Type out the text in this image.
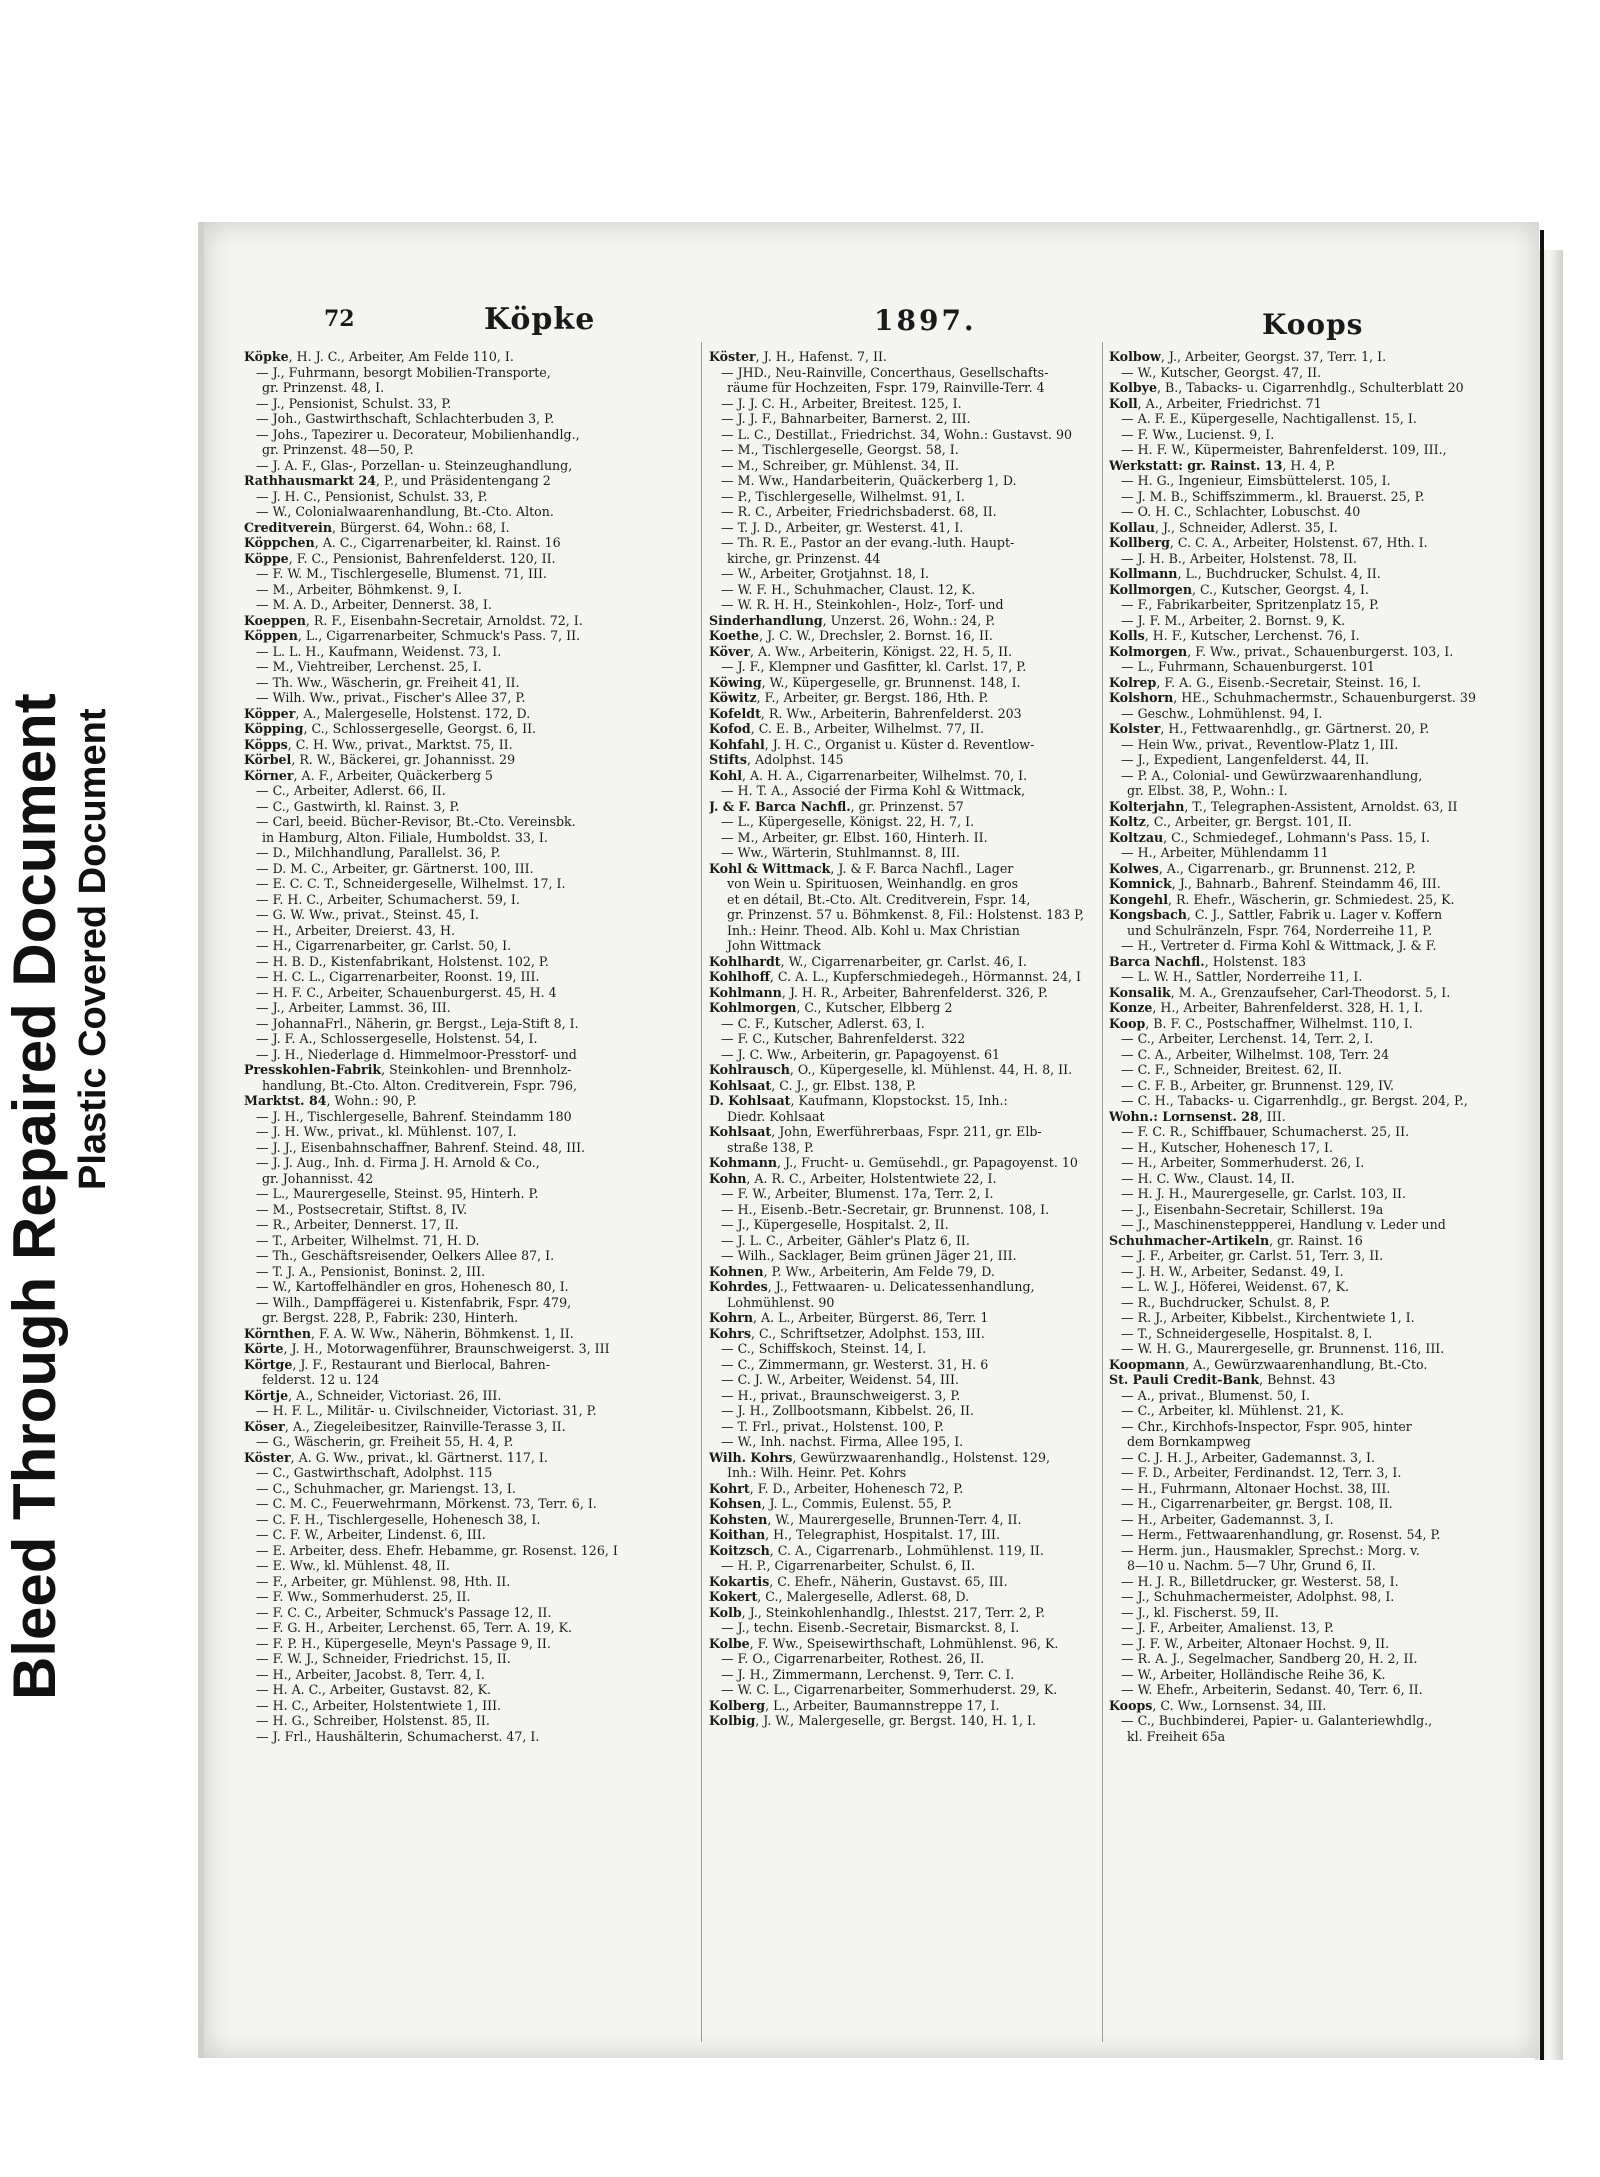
Bleed Through Repaired Document Plastic Covered Document
72	Köpke	1897.	Koops
Köpke, H. J. C., Arbeiter, Am Felde 110, I.
— J., Fuhrmann, besorgt Mobilien-Transporte,
gr. Prinzenst. 48, I.
— J., Pensionist, Schulst. 33, P.
— Joh., Gastwirthschaft, Schlachterbuden 3, P.
— Johs., Tapezirer u. Decorateur, Mobilienhandlg.,
gr. Prinzenst. 48—50, P.
— J. A. F., Glas-, Porzellan- u. Steinzeughandlung,
Rathhausmarkt 24, P., und Präsidentengang 2
— J. H. C., Pensionist, Schulst. 33, P.
— W., Colonialwaarenhandlung, Bt.-Cto. Alton.
Creditverein, Bürgerst. 64, Wohn.: 68, I.
Köppchen, A. C., Cigarrenarbeiter, kl. Rainst. 16
Köppe, F. C., Pensionist, Bahrenfelderst. 120, II.
— F. W. M., Tischlergeselle, Blumenst. 71, III.
— M., Arbeiter, Böhmkenst. 9, I.
— M. A. D., Arbeiter, Dennerst. 38, I.
Koeppen, R. F., Eisenbahn-Secretair, Arnoldst. 72, I.
Köppen, L., Cigarrenarbeiter, Schmuck's Pass. 7, II.
— L. L. H., Kaufmann, Weidenst. 73, I.
— M., Viehtreiber, Lerchenst. 25, I.
— Th. Ww., Wäscherin, gr. Freiheit 41, II.
— Wilh. Ww., privat., Fischer's Allee 37, P.
Köpper, A., Malergeselle, Holstenst. 172, D.
Köpping, C., Schlossergeselle, Georgst. 6, II.
Köpps, C. H. Ww., privat., Marktst. 75, II.
Körbel, R. W., Bäckerei, gr. Johannisst. 29
Körner, A. F., Arbeiter, Quäckerberg 5
— C., Arbeiter, Adlerst. 66, II.
— C., Gastwirth, kl. Rainst. 3, P.
— Carl, beeid. Bücher-Revisor, Bt.-Cto. Vereinsbk.
in Hamburg, Alton. Filiale, Humboldst. 33, I.
— D., Milchhandlung, Parallelst. 36, P.
— D. M. C., Arbeiter, gr. Gärtnerst. 100, III.
— E. C. C. T., Schneidergeselle, Wilhelmst. 17, I.
— F. H. C., Arbeiter, Schumacherst. 59, I.
— G. W. Ww., privat., Steinst. 45, I.
— H., Arbeiter, Dreierst. 43, H.
— H., Cigarrenarbeiter, gr. Carlst. 50, I.
— H. B. D., Kistenfabrikant, Holstenst. 102, P.
— H. C. L., Cigarrenarbeiter, Roonst. 19, III.
— H. F. C., Arbeiter, Schauenburgerst. 45, H. 4
— J., Arbeiter, Lammst. 36, III.
— JohannaFrl., Näherin, gr. Bergst., Leja-Stift 8, I.
— J. F. A., Schlossergeselle, Holstenst. 54, I.
— J. H., Niederlage d. Himmelmoor-Presstorf- und
Presskohlen-Fabrik, Steinkohlen- und Brennholz-
handlung, Bt.-Cto. Alton. Creditverein, Fspr. 796,
Marktst. 84, Wohn.: 90, P.
— J. H., Tischlergeselle, Bahrenf. Steindamm 180
— J. H. Ww., privat., kl. Mühlenst. 107, I.
— J. J., Eisenbahnschaffner, Bahrenf. Steind. 48, III.
— J. J. Aug., Inh. d. Firma J. H. Arnold & Co.,
gr. Johannisst. 42
— L., Maurergeselle, Steinst. 95, Hinterh. P.
— M., Postsecretair, Stiftst. 8, IV.
— R., Arbeiter, Dennerst. 17, II.
— T., Arbeiter, Wilhelmst. 71, H. D.
— Th., Geschäftsreisender, Oelkers Allee 87, I.
— T. J. A., Pensionist, Boninst. 2, III.
— W., Kartoffelhändler en gros, Hohenesch 80, I.
— Wilh., Dampffägerei u. Kistenfabrik, Fspr. 479,
gr. Bergst. 228, P., Fabrik: 230, Hinterh.
Körnthen, F. A. W. Ww., Näherin, Böhmkenst. 1, II.
Körte, J. H., Motorwagenführer, Braunschweigerst. 3, III
Körtge, J. F., Restaurant und Bierlocal, Bahren-
felderst. 12 u. 124
Körtje, A., Schneider, Victoriast. 26, III.
— H. F. L., Militär- u. Civilschneider, Victoriast. 31, P.
Köser, A., Ziegeleibesitzer, Rainville-Terasse 3, II.
— G., Wäscherin, gr. Freiheit 55, H. 4, P.
Köster, A. G. Ww., privat., kl. Gärtnerst. 117, I.
— C., Gastwirthschaft, Adolphst. 115
— C., Schuhmacher, gr. Mariengst. 13, I.
— C. M. C., Feuerwehrmann, Mörkenst. 73, Terr. 6, I.
— C. F. H., Tischlergeselle, Hohenesch 38, I.
— C. F. W., Arbeiter, Lindenst. 6, III.
— E. Arbeiter, dess. Ehefr. Hebamme, gr. Rosenst. 126, I
— E. Ww., kl. Mühlenst. 48, II.
— F., Arbeiter, gr. Mühlenst. 98, Hth. II.
— F. Ww., Sommerhuderst. 25, II.
— F. C. C., Arbeiter, Schmuck's Passage 12, II.
— F. G. H., Arbeiter, Lerchenst. 65, Terr. A. 19, K.
— F. P. H., Küpergeselle, Meyn's Passage 9, II.
— F. W. J., Schneider, Friedrichst. 15, II.
— H., Arbeiter, Jacobst. 8, Terr. 4, I.
— H. A. C., Arbeiter, Gustavst. 82, K.
— H. C., Arbeiter, Holstentwiete 1, III.
— H. G., Schreiber, Holstenst. 85, II.
— J. Frl., Haushälterin, Schumacherst. 47, I.
Köster, J. H., Hafenst. 7, II.
— JHD., Neu-Rainville, Concerthaus, Gesellschafts-
räume für Hochzeiten, Fspr. 179, Rainville-Terr. 4
— J. J. C. H., Arbeiter, Breitest. 125, I.
— J. J. F., Bahnarbeiter, Barnerst. 2, III.
— L. C., Destillat., Friedrichst. 34, Wohn.: Gustavst. 90
— M., Tischlergeselle, Georgst. 58, I.
— M., Schreiber, gr. Mühlenst. 34, II.
— M. Ww., Handarbeiterin, Quäckerberg 1, D.
— P., Tischlergeselle, Wilhelmst. 91, I.
— R. C., Arbeiter, Friedrichsbaderst. 68, II.
— T. J. D., Arbeiter, gr. Westerst. 41, I.
— Th. R. E., Pastor an der evang.-luth. Haupt-
kirche, gr. Prinzenst. 44
— W., Arbeiter, Grotjahnst. 18, I.
— W. F. H., Schuhmacher, Claust. 12, K.
— W. R. H. H., Steinkohlen-, Holz-, Torf- und
Sinderhandlung, Unzerst. 26, Wohn.: 24, P.
Koethe, J. C. W., Drechsler, 2. Bornst. 16, II.
Köver, A. Ww., Arbeiterin, Königst. 22, H. 5, II.
— J. F., Klempner und Gasfitter, kl. Carlst. 17, P.
Köwing, W., Küpergeselle, gr. Brunnenst. 148, I.
Köwitz, F., Arbeiter, gr. Bergst. 186, Hth. P.
Kofeldt, R. Ww., Arbeiterin, Bahrenfelderst. 203
Kofod, C. E. B., Arbeiter, Wilhelmst. 77, II.
Kohfahl, J. H. C., Organist u. Küster d. Reventlow-
Stifts, Adolphst. 145
Kohl, A. H. A., Cigarrenarbeiter, Wilhelmst. 70, I.
— H. T. A., Associé der Firma Kohl & Wittmack,
J. & F. Barca Nachfl., gr. Prinzenst. 57
— L., Küpergeselle, Königst. 22, H. 7, I.
— M., Arbeiter, gr. Elbst. 160, Hinterh. II.
— Ww., Wärterin, Stuhlmannst. 8, III.
Kohl & Wittmack, J. & F. Barca Nachfl., Lager
von Wein u. Spirituosen, Weinhandlg. en gros
et en détail, Bt.-Cto. Alt. Creditverein, Fspr. 14,
gr. Prinzenst. 57 u. Böhmkenst. 8, Fil.: Holstenst. 183 P,
Inh.: Heinr. Theod. Alb. Kohl u. Max Christian
John Wittmack
Kohlhardt, W., Cigarrenarbeiter, gr. Carlst. 46, I.
Kohlhoff, C. A. L., Kupferschmiedegeh., Hörmannst. 24, I
Kohlmann, J. H. R., Arbeiter, Bahrenfelderst. 326, P.
Kohlmorgen, C., Kutscher, Elbberg 2
— C. F., Kutscher, Adlerst. 63, I.
— F. C., Kutscher, Bahrenfelderst. 322
— J. C. Ww., Arbeiterin, gr. Papagoyenst. 61
Kohlrausch, O., Küpergeselle, kl. Mühlenst. 44, H. 8, II.
Kohlsaat, C. J., gr. Elbst. 138, P.
D. Kohlsaat, Kaufmann, Klopstockst. 15, Inh.:
Diedr. Kohlsaat
Kohlsaat, John, Ewerführerbaas, Fspr. 211, gr. Elb-
straße 138, P.
Kohmann, J., Frucht- u. Gemüsehdl., gr. Papagoyenst. 10
Kohn, A. R. C., Arbeiter, Holstentwiete 22, I.
— F. W., Arbeiter, Blumenst. 17a, Terr. 2, I.
— H., Eisenb.-Betr.-Secretair, gr. Brunnenst. 108, I.
— J., Küpergeselle, Hospitalst. 2, II.
— J. L. C., Arbeiter, Gähler's Platz 6, II.
— Wilh., Sacklager, Beim grünen Jäger 21, III.
Kohnen, P. Ww., Arbeiterin, Am Felde 79, D.
Kohrdes, J., Fettwaaren- u. Delicatessenhandlung,
Lohmühlenst. 90
Kohrn, A. L., Arbeiter, Bürgerst. 86, Terr. 1
Kohrs, C., Schriftsetzer, Adolphst. 153, III.
— C., Schiffskoch, Steinst. 14, I.
— C., Zimmermann, gr. Westerst. 31, H. 6
— C. J. W., Arbeiter, Weidenst. 54, III.
— H., privat., Braunschweigerst. 3, P.
— J. H., Zollbootsmann, Kibbelst. 26, II.
— T. Frl., privat., Holstenst. 100, P.
— W., Inh. nachst. Firma, Allee 195, I.
Wilh. Kohrs, Gewürzwaarenhandlg., Holstenst. 129,
Inh.: Wilh. Heinr. Pet. Kohrs
Kohrt, F. D., Arbeiter, Hohenesch 72, P.
Kohsen, J. L., Commis, Eulenst. 55, P.
Kohsten, W., Maurergeselle, Brunnen-Terr. 4, II.
Koithan, H., Telegraphist, Hospitalst. 17, III.
Koitzsch, C. A., Cigarrenarb., Lohmühlenst. 119, II.
— H. P., Cigarrenarbeiter, Schulst. 6, II.
Kokartis, C. Ehefr., Näherin, Gustavst. 65, III.
Kokert, C., Malergeselle, Adlerst. 68, D.
Kolb, J., Steinkohlenhandlg., Ihlestst. 217, Terr. 2, P.
— J., techn. Eisenb.-Secretair, Bismarckst. 8, I.
Kolbe, F. Ww., Speisewirthschaft, Lohmühlenst. 96, K.
— F. O., Cigarrenarbeiter, Rothest. 26, II.
— J. H., Zimmermann, Lerchenst. 9, Terr. C. I.
— W. C. L., Cigarrenarbeiter, Sommerhuderst. 29, K.
Kolberg, L., Arbeiter, Baumannstreppe 17, I.
Kolbig, J. W., Malergeselle, gr. Bergst. 140, H. 1, I.
Kolbow, J., Arbeiter, Georgst. 37, Terr. 1, I.
— W., Kutscher, Georgst. 47, II.
Kolbye, B., Tabacks- u. Cigarrenhdlg., Schulterblatt 20
Koll, A., Arbeiter, Friedrichst. 71
— A. F. E., Küpergeselle, Nachtigallenst. 15, I.
— F. Ww., Lucienst. 9, I.
— H. F. W., Küpermeister, Bahrenfelderst. 109, III.,
Werkstatt: gr. Rainst. 13, H. 4, P.
— H. G., Ingenieur, Eimsbüttelerst. 105, I.
— J. M. B., Schiffszimmerm., kl. Brauerst. 25, P.
— O. H. C., Schlachter, Lobuschst. 40
Kollau, J., Schneider, Adlerst. 35, I.
Kollberg, C. C. A., Arbeiter, Holstenst. 67, Hth. I.
— J. H. B., Arbeiter, Holstenst. 78, II.
Kollmann, L., Buchdrucker, Schulst. 4, II.
Kollmorgen, C., Kutscher, Georgst. 4, I.
— F., Fabrikarbeiter, Spritzenplatz 15, P.
— J. F. M., Arbeiter, 2. Bornst. 9, K.
Kolls, H. F., Kutscher, Lerchenst. 76, I.
Kolmorgen, F. Ww., privat., Schauenburgerst. 103, I.
— L., Fuhrmann, Schauenburgerst. 101
Kolrep, F. A. G., Eisenb.-Secretair, Steinst. 16, I.
Kolshorn, HE., Schuhmachermstr., Schauenburgerst. 39
— Geschw., Lohmühlenst. 94, I.
Kolster, H., Fettwaarenhdlg., gr. Gärtnerst. 20, P.
— Hein Ww., privat., Reventlow-Platz 1, III.
— J., Expedient, Langenfelderst. 44, II.
— P. A., Colonial- und Gewürzwaarenhandlung,
gr. Elbst. 38, P., Wohn.: I.
Kolterjahn, T., Telegraphen-Assistent, Arnoldst. 63, II
Koltz, C., Arbeiter, gr. Bergst. 101, II.
Koltzau, C., Schmiedegef., Lohmann's Pass. 15, I.
— H., Arbeiter, Mühlendamm 11
Kolwes, A., Cigarrenarb., gr. Brunnenst. 212, P.
Komnick, J., Bahnarb., Bahrenf. Steindamm 46, III.
Kongehl, R. Ehefr., Wäscherin, gr. Schmiedest. 25, K.
Kongsbach, C. J., Sattler, Fabrik u. Lager v. Koffern
und Schulränzeln, Fspr. 764, Norderreihe 11, P.
— H., Vertreter d. Firma Kohl & Wittmack, J. & F.
Barca Nachfl., Holstenst. 183
— L. W. H., Sattler, Norderreihe 11, I.
Konsalik, M. A., Grenzaufseher, Carl-Theodorst. 5, I.
Konze, H., Arbeiter, Bahrenfelderst. 328, H. 1, I.
Koop, B. F. C., Postschaffner, Wilhelmst. 110, I.
— C., Arbeiter, Lerchenst. 14, Terr. 2, I.
— C. A., Arbeiter, Wilhelmst. 108, Terr. 24
— C. F., Schneider, Breitest. 62, II.
— C. F. B., Arbeiter, gr. Brunnenst. 129, IV.
— C. H., Tabacks- u. Cigarrenhdlg., gr. Bergst. 204, P.,
Wohn.: Lornsenst. 28, III.
— F. C. R., Schiffbauer, Schumacherst. 25, II.
— H., Kutscher, Hohenesch 17, I.
— H., Arbeiter, Sommerhuderst. 26, I.
— H. C. Ww., Claust. 14, II.
— H. J. H., Maurergeselle, gr. Carlst. 103, II.
— J., Eisenbahn-Secretair, Schillerst. 19a
— J., Maschinensteppperei, Handlung v. Leder und
Schuhmacher-Artikeln, gr. Rainst. 16
— J. F., Arbeiter, gr. Carlst. 51, Terr. 3, II.
— J. H. W., Arbeiter, Sedanst. 49, I.
— L. W. J., Höferei, Weidenst. 67, K.
— R., Buchdrucker, Schulst. 8, P.
— R. J., Arbeiter, Kibbelst., Kirchentwiete 1, I.
— T., Schneidergeselle, Hospitalst. 8, I.
— W. H. G., Maurergeselle, gr. Brunnenst. 116, III.
Koopmann, A., Gewürzwaarenhandlung, Bt.-Cto.
St. Pauli Credit-Bank, Behnst. 43
— A., privat., Blumenst. 50, I.
— C., Arbeiter, kl. Mühlenst. 21, K.
— Chr., Kirchhofs-Inspector, Fspr. 905, hinter
dem Bornkampweg
— C. J. H. J., Arbeiter, Gademannst. 3, I.
— F. D., Arbeiter, Ferdinandst. 12, Terr. 3, I.
— H., Fuhrmann, Altonaer Hochst. 38, III.
— H., Cigarrenarbeiter, gr. Bergst. 108, II.
— H., Arbeiter, Gademannst. 3, I.
— Herm., Fettwaarenhandlung, gr. Rosenst. 54, P.
— Herm. jun., Hausmakler, Sprechst.: Morg. v.
8—10 u. Nachm. 5—7 Uhr, Grund 6, II.
— H. J. R., Billetdrucker, gr. Westerst. 58, I.
— J., Schuhmachermeister, Adolphst. 98, I.
— J., kl. Fischerst. 59, II.
— J. F., Arbeiter, Amalienst. 13, P.
— J. F. W., Arbeiter, Altonaer Hochst. 9, II.
— R. A. J., Segelmacher, Sandberg 20, H. 2, II.
— W., Arbeiter, Holländische Reihe 36, K.
— W. Ehefr., Arbeiterin, Sedanst. 40, Terr. 6, II.
Koops, C. Ww., Lornsenst. 34, III.
— C., Buchbinderei, Papier- u. Galanteriewhdlg.,
kl. Freiheit 65a
